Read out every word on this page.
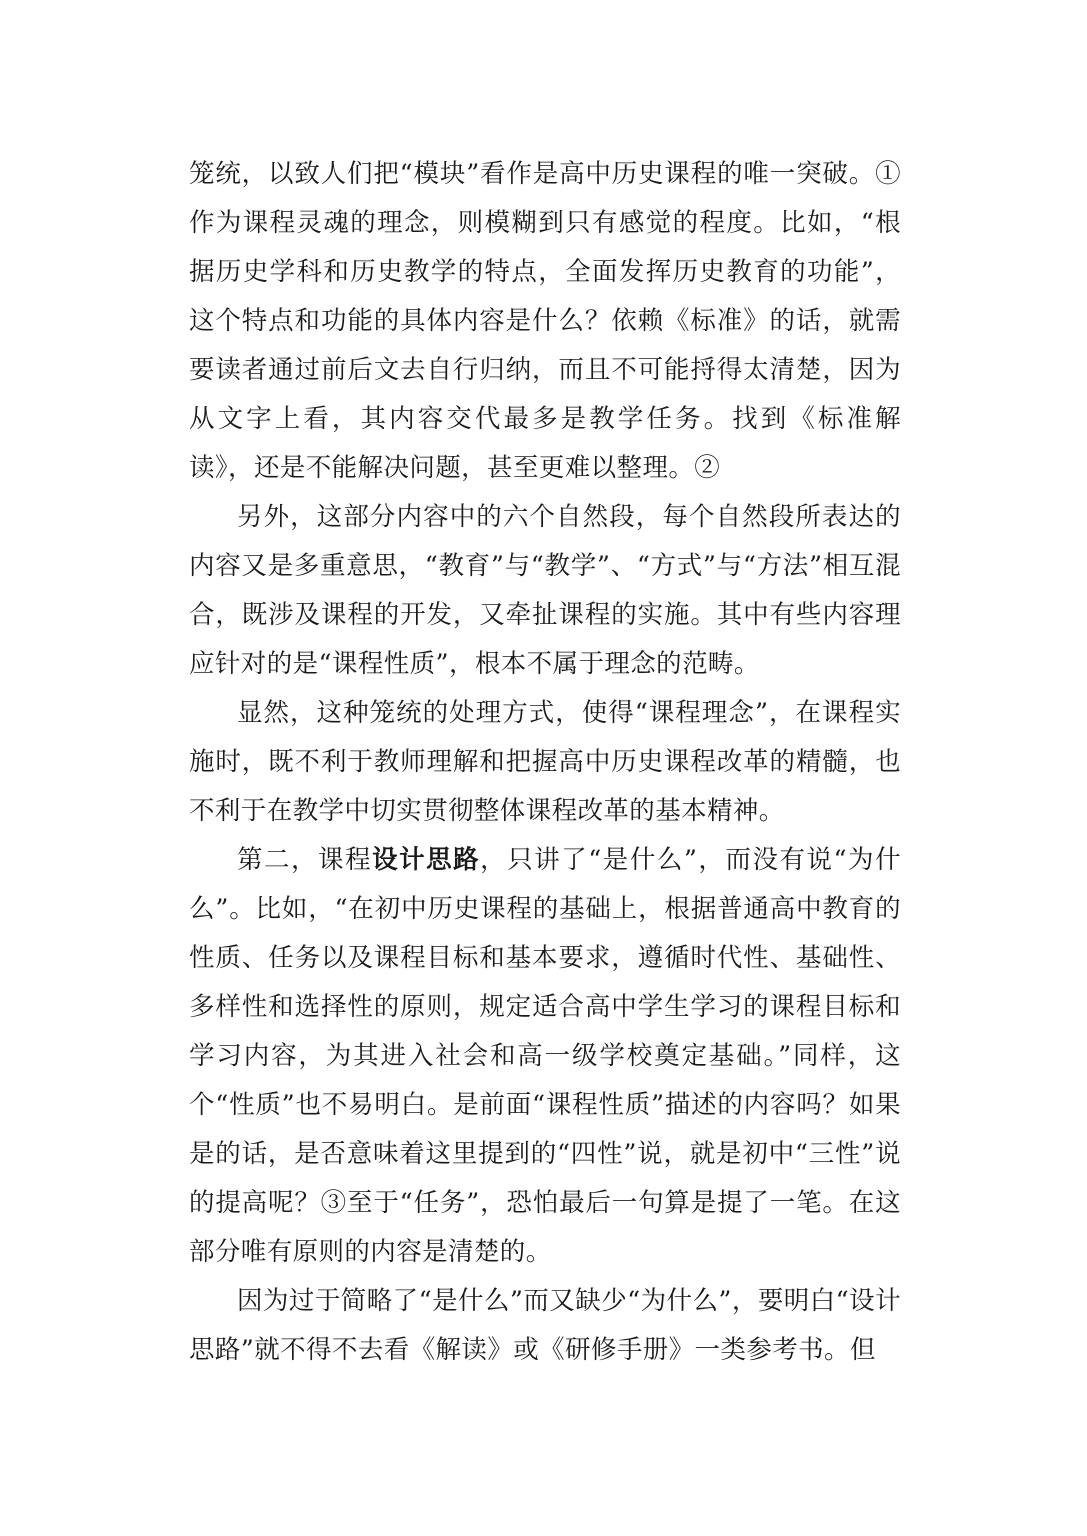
笼统，以致人们把“模块”看作是高中历史课程的唯一突破。①作为课程灵魂的理念，则模糊到只有感觉的程度。比如，“根据历史学科和历史教学的特点，全面发挥历史教育的功能”，这个特点和功能的具体内容是什么？依赖《标准》的话，就需要读者通过前后文去自行归纳，而且不可能捋得太清楚，因为从文字上看，其内容交代最多是教学任务。找到《标准解读》，还是不能解决问题，甚至更难以整理。②

另外，这部分内容中的六个自然段，每个自然段所表达的内容又是多重意思，“教育”与“教学”、“方式”与“方法”相互混合，既涉及课程的开发，又牵扯课程的实施。其中有些内容理应针对的是“课程性质”，根本不属于理念的范畴。

显然，这种笼统的处理方式，使得“课程理念”，在课程实施时，既不利于教师理解和把握高中历史课程改革的精髓，也不利于在教学中切实贯彻整体课程改革的基本精神。

第二，课程设计思路，只讲了“是什么”，而没有说“为什么”。比如，“在初中历史课程的基础上，根据普通高中教育的性质、任务以及课程目标和基本要求，遵循时代性、基础性、多样性和选择性的原则，规定适合高中学生学习的课程目标和学习内容，为其进入社会和高一级学校奠定基础。”同样，这个“性质”也不易明白。是前面“课程性质”描述的内容吗？如果是的话，是否意味着这里提到的“四性”说，就是初中“三性”说的提高呢？③至于“任务”，恐怕最后一句算是提了一笔。在这部分唯有原则的内容是清楚的。

因为过于简略了“是什么”而又缺少“为什么”，要明白“设计思路”就不得不去看《解读》或《研修手册》一类参考书。但
